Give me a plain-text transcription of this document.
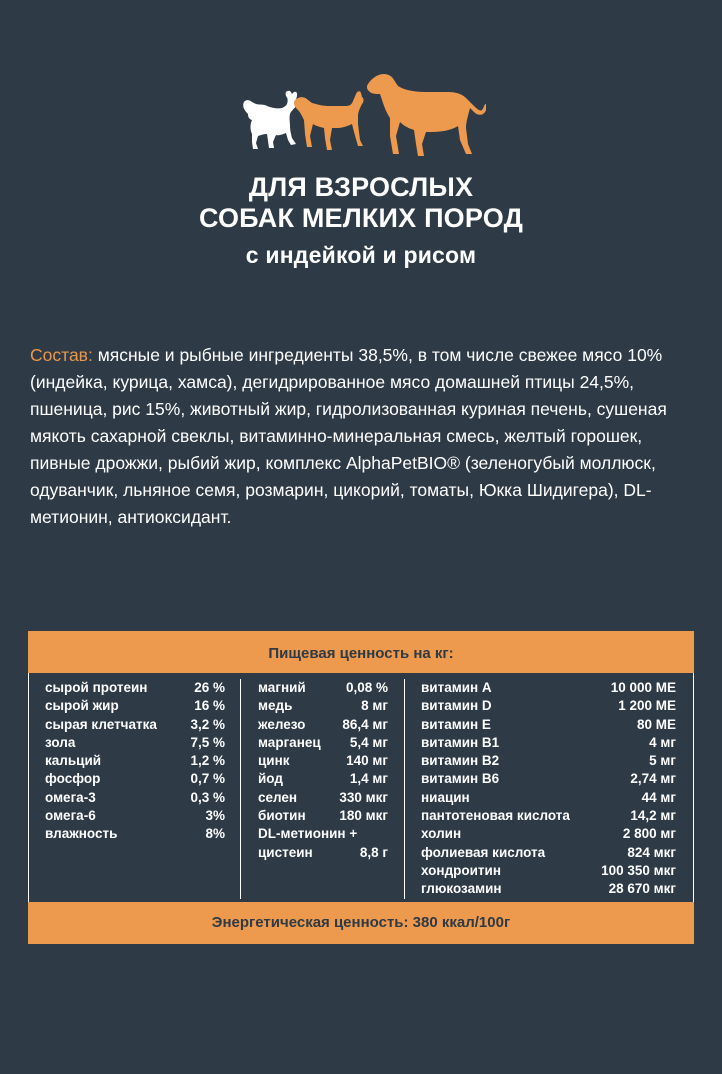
ДЛЯ ВЗРОСЛЫХ
СОБАК МЕЛКИХ ПОРОД
с индейкой и рисом
Состав: мясные и рыбные ингредиенты 38,5%, в том числе свежее мясо 10% (индейка, курица, хамса), дегидрированное мясо домашней птицы 24,5%, пшеница, рис 15%, животный жир, гидролизованная куриная печень, сушеная мякоть сахарной свеклы, витаминно-минеральная смесь, желтый горошек, пивные дрожжи, рыбий жир, комплекс AlphaPetBIO® (зеленогубый моллюск, одуванчик, льняное семя, розмарин, цикорий, томаты, Юкка Шидигера), DL-метионин, антиоксидант.
Пищевая ценность на кг:
сырой протеин	26 %
сырой жир	16 %
сырая клетчатка 3,2 %
зола	7,5 %
кальций	1,2 %
фосфор	0,7 %
омега-3	0,3 %
омега-6	3%
влажность	8%
магний	0,08 %
медь	8 мг
железо	86,4 мг
марганец 5,4 мг
цинк	140 мг
йод	1,4 мг
селен	330 мкг
биотин 180 мкг
DL-метионин +
цистеин	8,8 г
витамин А	10 000 МЕ
витамин D	1 200 МЕ
витамин Е	80 МЕ
витамин В1	4 мг
витамин В2	5 мг
витамин В6	2,74 мг
ниацин	44 мг
пантотеновая кислота	14,2 мг
холин	2 800 мг
фолиевая кислота	824 мкг
хондроитин	100 350 мкг
глюкозамин	28 670 мкг
Энергетическая ценность: 380 ккал/100г
